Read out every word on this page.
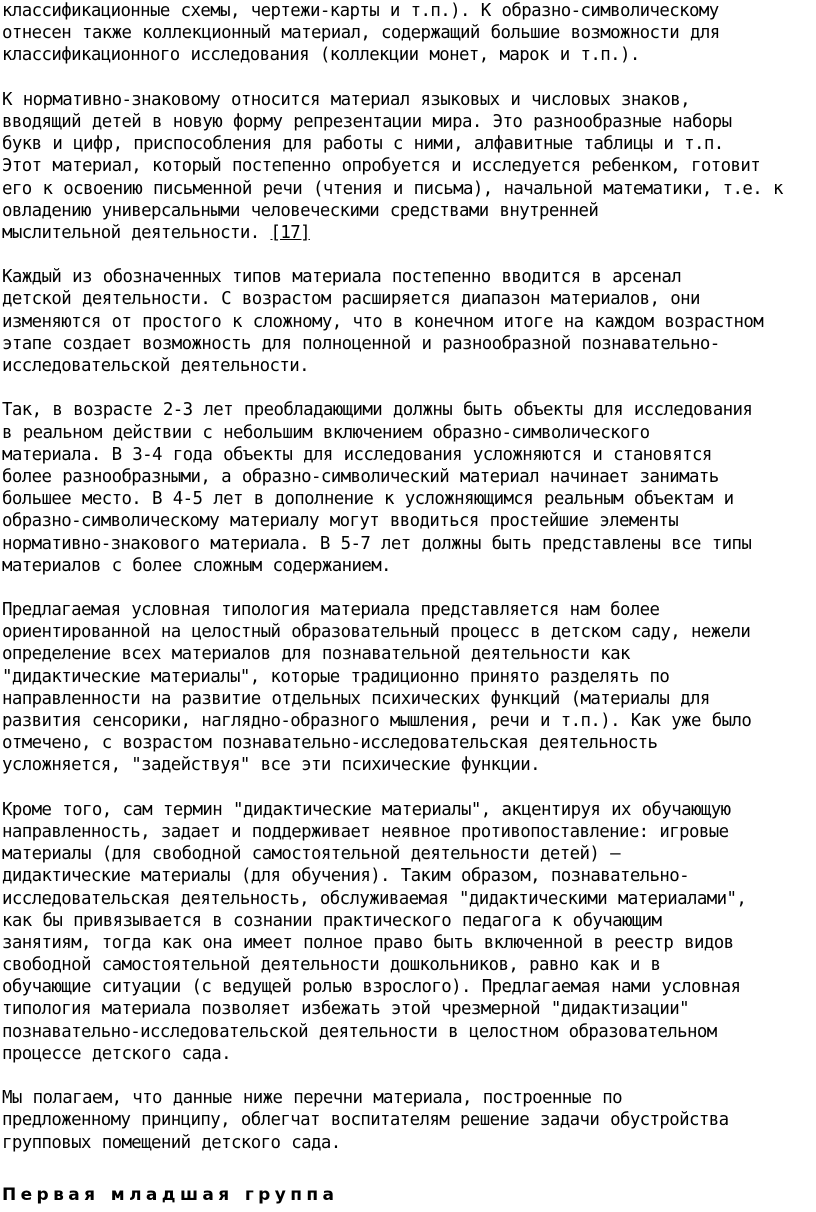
классификационные схемы, чертежи-карты и т.п.). К образно-символическому
отнесен также коллекционный материал, содержащий большие возможности для
классификационного исследования (коллекции монет, марок и т.п.).
К нормативно-знаковому относится материал языковых и числовых знаков,
вводящий детей в новую форму репрезентации мира. Это разнообразные наборы
букв и цифр, приспособления для работы с ними, алфавитные таблицы и т.п.
Этот материал, который постепенно опробуется и исследуется ребенком, готовит
его к освоению письменной речи (чтения и письма), начальной математики, т.е. к
овладению универсальными человеческими средствами внутренней
мыслительной деятельности. [17]
Каждый из обозначенных типов материала постепенно вводится в арсенал
детской деятельности. С возрастом расширяется диапазон материалов, они
изменяются от простого к сложному, что в конечном итоге на каждом возрастном
этапе создает возможность для полноценной и разнообразной познавательно-
исследовательской деятельности.
Так, в возрасте 2-3 лет преобладающими должны быть объекты для исследования
в реальном действии с небольшим включением образно-символического
материала. В 3-4 года объекты для исследования усложняются и становятся
более разнообразными, а образно-символический материал начинает занимать
большее место. В 4-5 лет в дополнение к усложняющимся реальным объектам и
образно-символическому материалу могут вводиться простейшие элементы
нормативно-знакового материала. В 5-7 лет должны быть представлены все типы
материалов с более сложным содержанием.
Предлагаемая условная типология материала представляется нам более
ориентированной на целостный образовательный процесс в детском саду, нежели
определение всех материалов для познавательной деятельности как
"дидактические материалы", которые традиционно принято разделять по
направленности на развитие отдельных психических функций (материалы для
развития сенсорики, наглядно-образного мышления, речи и т.п.). Как уже было
отмечено, с возрастом познавательно-исследовательская деятельность
усложняется, "задействуя" все эти психические функции.
Кроме того, сам термин "дидактические материалы", акцентируя их обучающую
направленность, задает и поддерживает неявное противопоставление: игровые
материалы (для свободной самостоятельной деятельности детей) —
дидактические материалы (для обучения). Таким образом, познавательно-
исследовательская деятельность, обслуживаемая "дидактическими материалами",
как бы привязывается в сознании практического педагога к обучающим
занятиям, тогда как она имеет полное право быть включенной в реестр видов
свободной самостоятельной деятельности дошкольников, равно как и в
обучающие ситуации (с ведущей ролью взрослого). Предлагаемая нами условная
типология материала позволяет избежать этой чрезмерной "дидактизации"
познавательно-исследовательской деятельности в целостном образовательном
процессе детского сада.
Мы полагаем, что данные ниже перечни материала, построенные по
предложенному принципу, облегчат воспитателям решение задачи обустройства
групповых помещений детского сада.
Первая младшая группа
